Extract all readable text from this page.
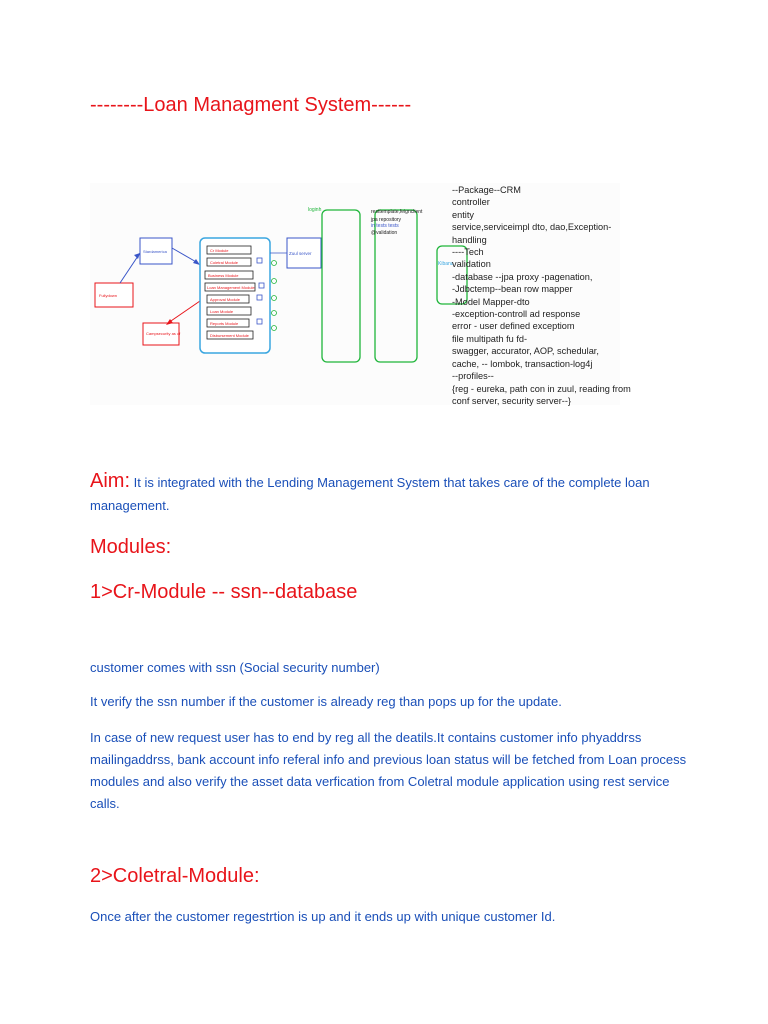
--------Loan Managment System------
Stardamerica
Fullydown
Campsecurity as of
Cr Module
Coletral Module
Business Module
Loan Management Module
Approval Module
Loan Module
Reports Module
Disbursement Module
Zuul server
loginh	resttemplate,feignclient
jpa repository
in tests tests
@validation
Kibana
--Package--CRM
controller
entity
service,serviceimpl dto, dao,Exception-
handling
----Tech
validation
-database --jpa proxy -pagenation,
-Jdbctemp--bean row mapper
-Model Mapper-dto
-exception-controll ad response
error - user defined exceptiom
file multipath fu fd-
swagger, accurator, AOP, schedular,
cache, -- lombok, transaction-log4j
--profiles--
{reg - eureka, path con in zuul, reading from
conf server, security server--}
Aim: It is integrated with the Lending Management System that takes care of the complete loan management.
Modules:
1>Cr-Module -- ssn--database

customer comes with ssn (Social security number)

It verify the ssn number if the customer is already reg than pops up for the update.

In case of new request user has to end by reg all the deatils.It contains customer info phyaddrss mailingaddrss, bank account info referal info and previous loan status will be fetched from Loan process modules and also verify the asset data verfication from Coletral module application using rest service calls.

2>Coletral-Module:

Once after the customer regestrtion is up and it ends up with unique customer Id.
